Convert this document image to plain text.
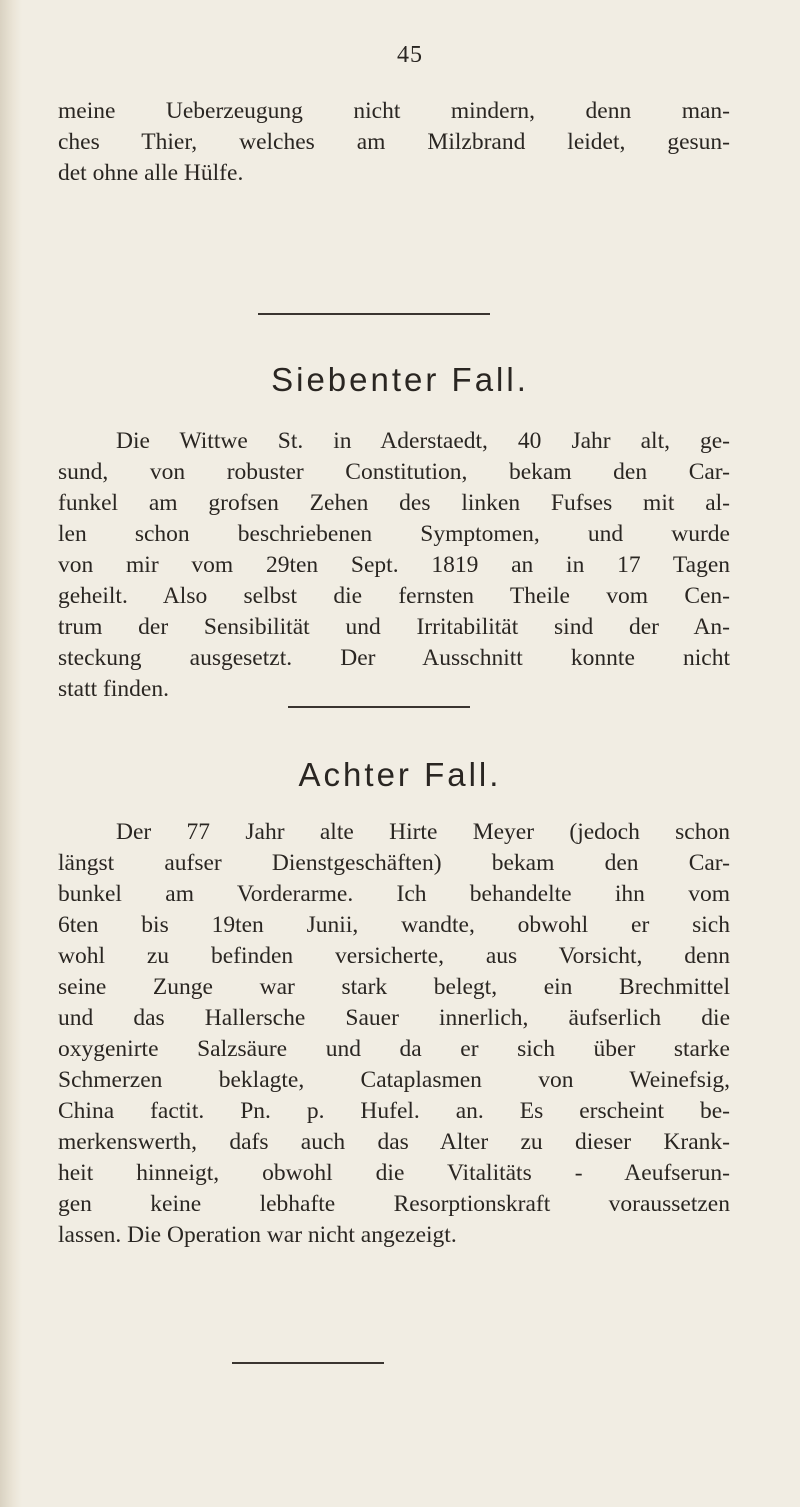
45

meine Ueberzeugung nicht mindern, denn man-
ches Thier, welches am Milzbrand leidet, gesun-
det ohne alle Hülfe.

Siebenter Fall.

Die Wittwe St. in Aderstaedt, 40 Jahr alt, ge-
sund, von robuster Constitution, bekam den Car-
funkel am grofsen Zehen des linken Fufses mit al-
len schon beschriebenen Symptomen, und wurde
von mir vom 29ten Sept. 1819 an in 17 Tagen
geheilt. Also selbst die fernsten Theile vom Cen-
trum der Sensibilität und Irritabilität sind der An-
steckung ausgesetzt. Der Ausschnitt konnte nicht
statt finden.

Achter Fall.

Der 77 Jahr alte Hirte Meyer (jedoch schon
längst aufser Dienstgeschäften) bekam den Car-
bunkel am Vorderarme. Ich behandelte ihn vom
6ten bis 19ten Junii, wandte, obwohl er sich
wohl zu befinden versicherte, aus Vorsicht, denn
seine Zunge war stark belegt, ein Brechmittel
und das Hallersche Sauer innerlich, äufserlich die
oxygenirte Salzsäure und da er sich über starke
Schmerzen beklagte, Cataplasmen von Weinefsig,
China factit. Pn. p. Hufel. an. Es erscheint be-
merkenswerth, dafs auch das Alter zu dieser Krank-
heit hinneigt, obwohl die Vitalitäts - Aeufserun-
gen keine lebhafte Resorptionskraft voraussetzen
lassen. Die Operation war nicht angezeigt.
